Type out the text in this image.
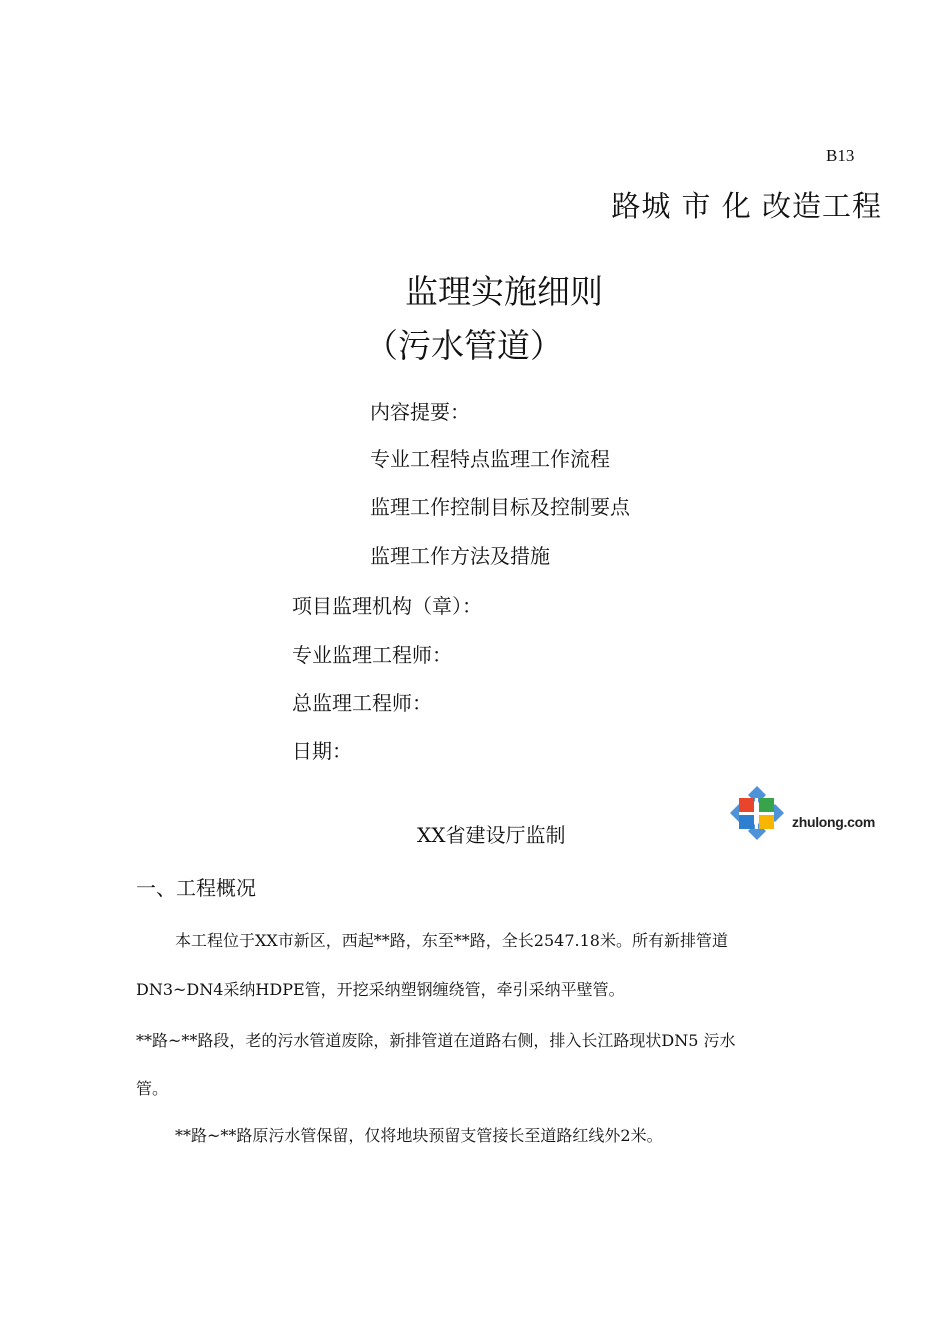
B13
路城 市 化 改造工程
监理实施细则
（污水管道）
内容提要：
专业工程特点监理工作流程
监理工作控制目标及控制要点
监理工作方法及措施
项目监理机构（章）：
专业监理工程师：
总监理工程师：
日期：
zhulong.com
XX省建设厅监制
一、工程概况
本工程位于XX市新区，西起**路，东至**路，全长2547.18米。所有新排管道
DN3~DN4采纳HDPE管，开挖采纳塑钢缠绕管，牵引采纳平壁管。
**路~**路段，老的污水管道废除，新排管道在道路右侧，排入长江路现状DN5 污水
管。
**路~**路原污水管保留，仅将地块预留支管接长至道路红线外2米。
